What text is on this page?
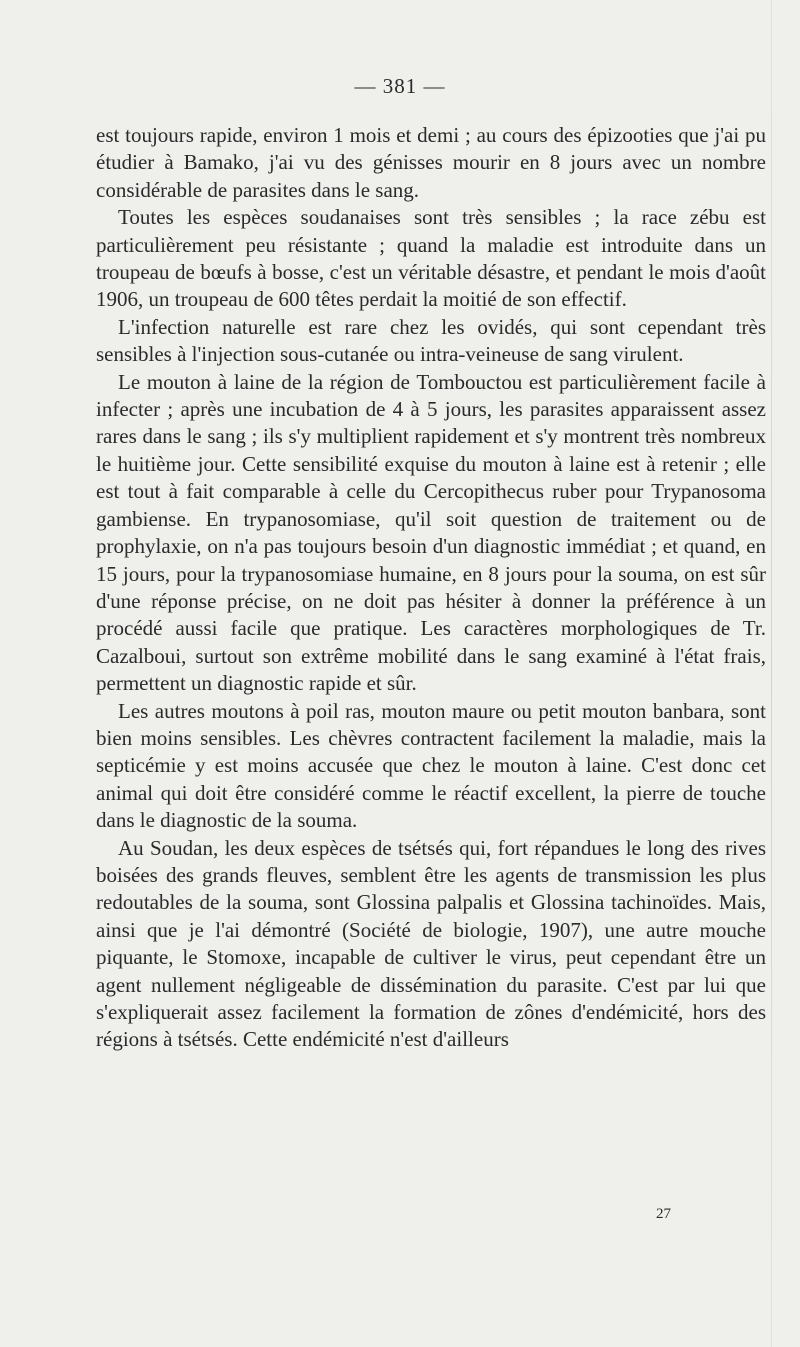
— 381 —

est toujours rapide, environ 1 mois et demi ; au cours des épizooties que j'ai pu étudier à Bamako, j'ai vu des génisses mourir en 8 jours avec un nombre considérable de parasites dans le sang.

Toutes les espèces soudanaises sont très sensibles ; la race zébu est particulièrement peu résistante ; quand la maladie est introduite dans un troupeau de bœufs à bosse, c'est un véritable désastre, et pendant le mois d'août 1906, un troupeau de 600 têtes perdait la moitié de son effectif.

L'infection naturelle est rare chez les ovidés, qui sont cependant très sensibles à l'injection sous-cutanée ou intra-veineuse de sang virulent.

Le mouton à laine de la région de Tombouctou est particulièrement facile à infecter ; après une incubation de 4 à 5 jours, les parasites apparaissent assez rares dans le sang ; ils s'y multiplient rapidement et s'y montrent très nombreux le huitième jour. Cette sensibilité exquise du mouton à laine est à retenir ; elle est tout à fait comparable à celle du Cercopithecus ruber pour Trypanosoma gambiense. En trypanosomiase, qu'il soit question de traitement ou de prophylaxie, on n'a pas toujours besoin d'un diagnostic immédiat ; et quand, en 15 jours, pour la trypanosomiase humaine, en 8 jours pour la souma, on est sûr d'une réponse précise, on ne doit pas hésiter à donner la préférence à un procédé aussi facile que pratique. Les caractères morphologiques de Tr. Cazalboui, surtout son extrême mobilité dans le sang examiné à l'état frais, permettent un diagnostic rapide et sûr.

Les autres moutons à poil ras, mouton maure ou petit mouton banbara, sont bien moins sensibles. Les chèvres contractent facilement la maladie, mais la septicémie y est moins accusée que chez le mouton à laine. C'est donc cet animal qui doit être considéré comme le réactif excellent, la pierre de touche dans le diagnostic de la souma.

Au Soudan, les deux espèces de tsétsés qui, fort répandues le long des rives boisées des grands fleuves, semblent être les agents de transmission les plus redoutables de la souma, sont Glossina palpalis et Glossina tachinoïdes. Mais, ainsi que je l'ai démontré (Société de biologie, 1907), une autre mouche piquante, le Stomoxe, incapable de cultiver le virus, peut cependant être un agent nullement négligeable de dissémination du parasite. C'est par lui que s'expliquerait assez facilement la formation de zônes d'endémicité, hors des régions à tsétsés. Cette endémicité n'est d'ailleurs

27
